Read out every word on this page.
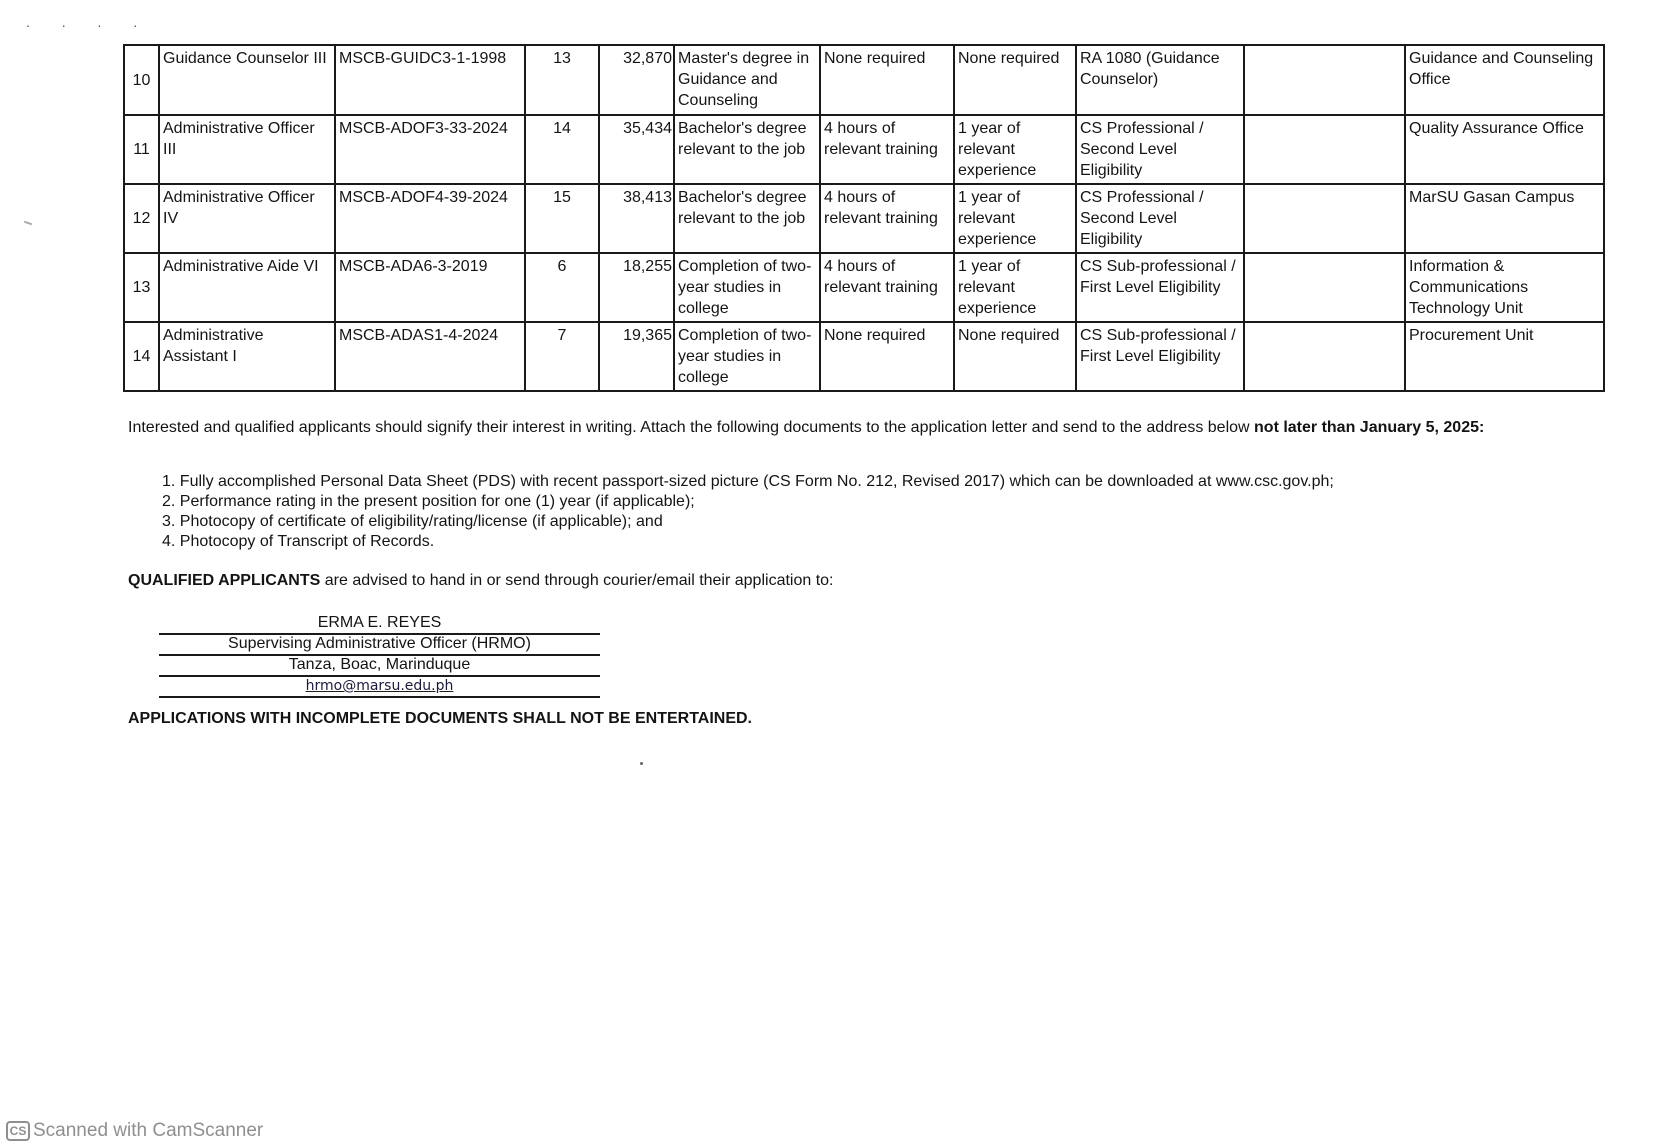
. . . .
10	Guidance Counselor III	MSCB-GUIDC3-1-1998	13	32,870	Master's degree in Guidance and Counseling	None required	None required	RA 1080 (Guidance Counselor)		Guidance and Counseling Office
11	Administrative Officer III	MSCB-ADOF3-33-2024	14	35,434	Bachelor's degree relevant to the job	4 hours of relevant training	1 year of relevant experience	CS Professional / Second Level Eligibility		Quality Assurance Office
12	Administrative Officer IV	MSCB-ADOF4-39-2024	15	38,413	Bachelor's degree relevant to the job	4 hours of relevant training	1 year of relevant experience	CS Professional / Second Level Eligibility		MarSU Gasan Campus
13	Administrative Aide VI	MSCB-ADA6-3-2019	6	18,255	Completion of two-year studies in college	4 hours of relevant training	1 year of relevant experience	CS Sub-professional / First Level Eligibility		Information & Communications Technology Unit
14	Administrative Assistant I	MSCB-ADAS1-4-2024	7	19,365	Completion of two-year studies in college	None required	None required	CS Sub-professional / First Level Eligibility		Procurement Unit
Interested and qualified applicants should signify their interest in writing. Attach the following documents to the application letter and send to the address below not later than January 5, 2025:
1. Fully accomplished Personal Data Sheet (PDS) with recent passport-sized picture (CS Form No. 212, Revised 2017) which can be downloaded at www.csc.gov.ph;
2. Performance rating in the present position for one (1) year (if applicable);
3. Photocopy of certificate of eligibility/rating/license (if applicable); and
4. Photocopy of Transcript of Records.
QUALIFIED APPLICANTS are advised to hand in or send through courier/email their application to:
ERMA E. REYES
Supervising Administrative Officer (HRMO)
Tanza, Boac, Marinduque
hrmo@marsu.edu.ph
APPLICATIONS WITH INCOMPLETE DOCUMENTS SHALL NOT BE ENTERTAINED.
CS Scanned with CamScanner
